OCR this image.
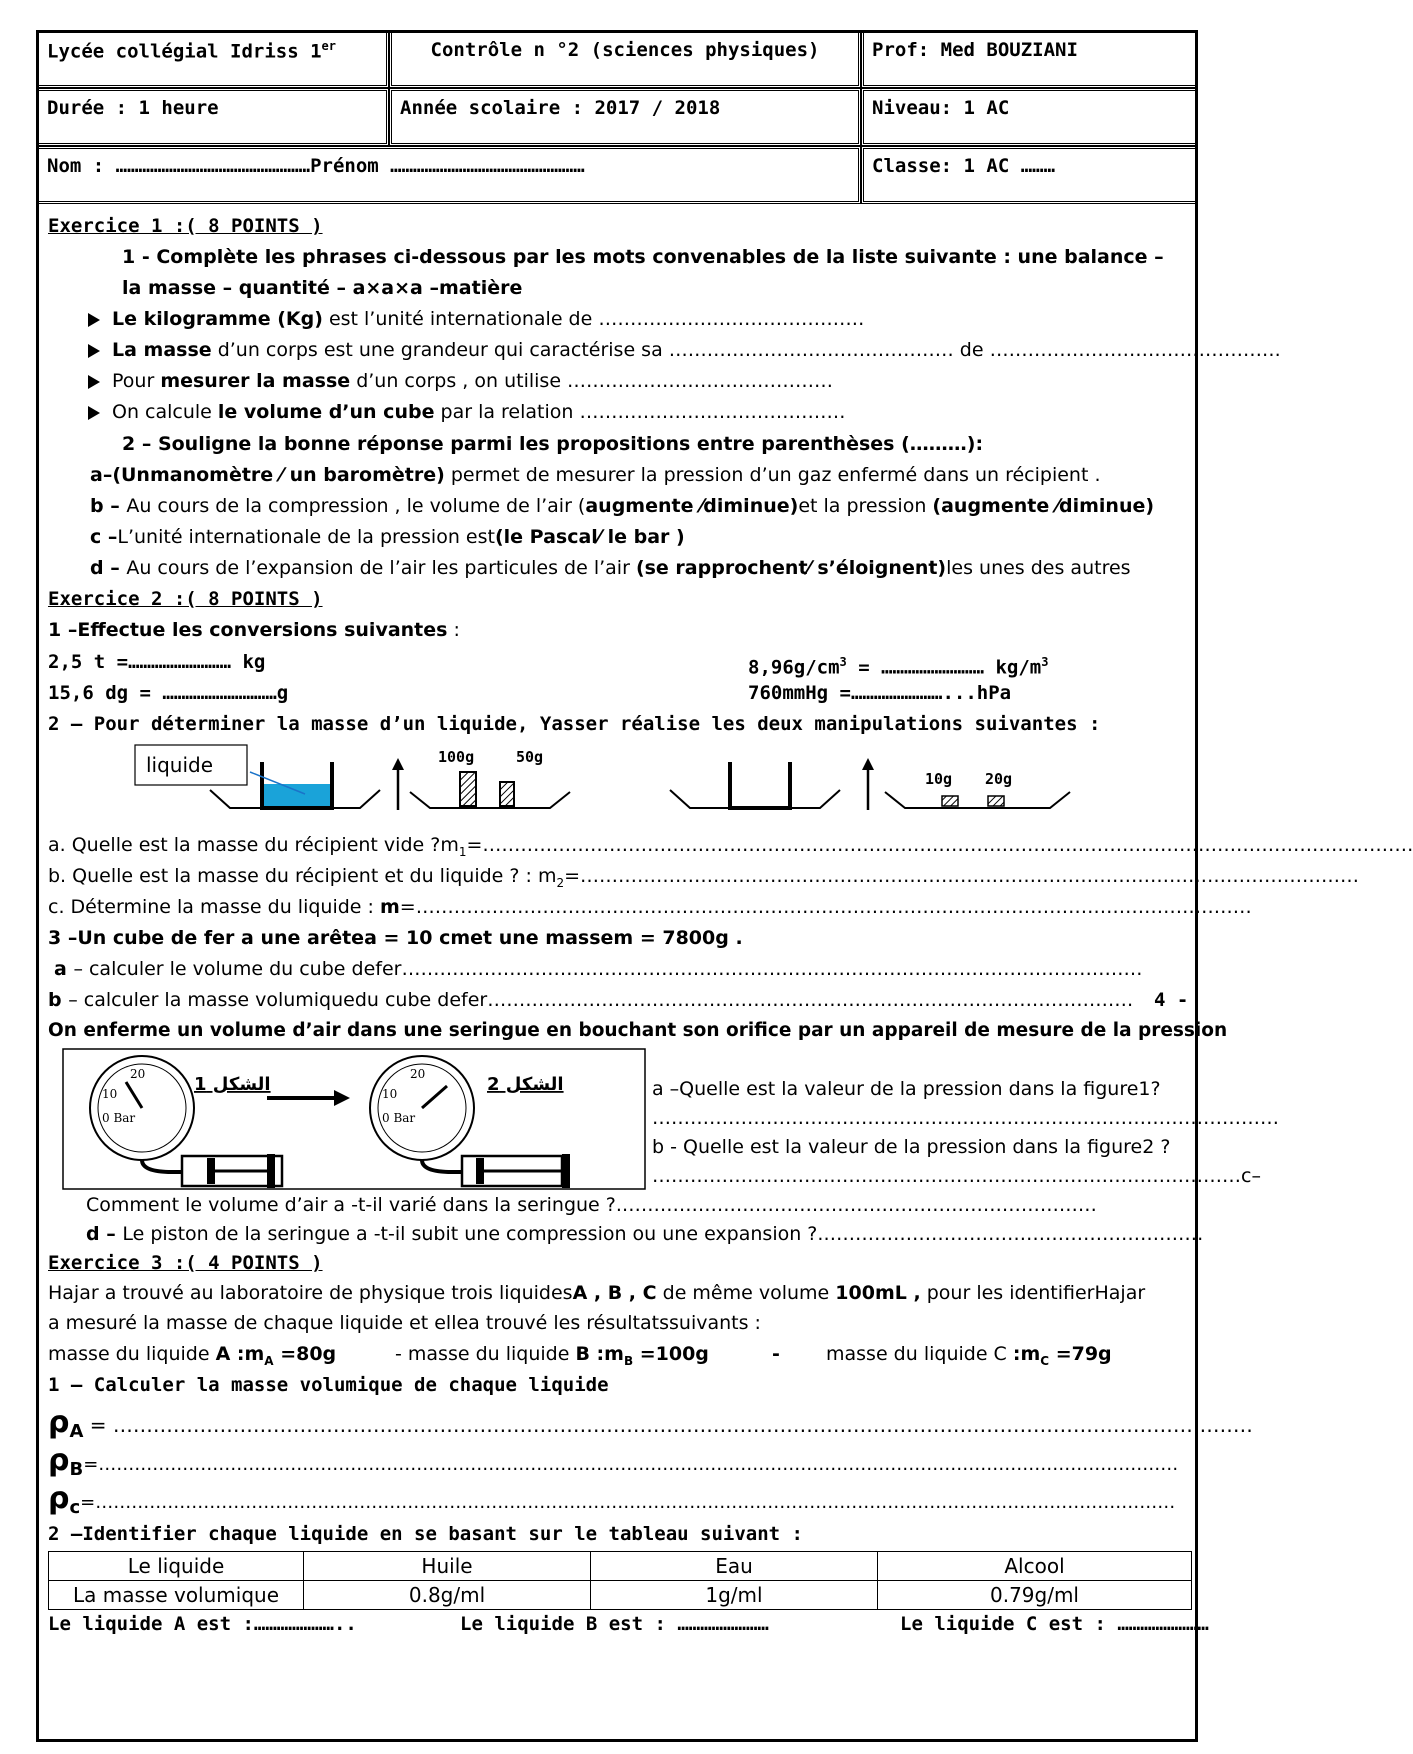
Lycée collégial Idriss 1er	Contrôle n °2 (sciences physiques)	Prof: Med BOUZIANI
Durée : 1 heure	Année scolaire : 2017 / 2018	Niveau: 1 AC
Nom : ……………………………………………Prénom ……………………………………………	Classe: 1 AC ………
Exercice 1 :( 8 POINTS )
1 - Complète les phrases ci-dessous par les mots convenables de la liste suivante : une balance –
la masse – quantité – a×a×a –matière
Le kilogramme (Kg) est l’unité internationale de ……………………………………
La masse d’un corps est une grandeur qui caractérise sa ……………………………………… de ……………………………………….
Pour mesurer la masse d’un corps , on utilise ……………………………………
On calcule le volume d’un cube par la relation ……………………………………
2 – Souligne la bonne réponse parmi les propositions entre parenthèses (………):
a–(Unmanomètre ⁄ un baromètre) permet de mesurer la pression d’un gaz enfermé dans un récipient .
b – Au cours de la compression , le volume de l’air (augmente ⁄diminue)et la pression (augmente ⁄diminue)
c –L’unité internationale de la pression est(le Pascal⁄ le bar )
d – Au cours de l’expansion de l’air les particules de l’air (se rapprochent⁄ s’éloignent)les unes des autres
Exercice 2 :( 8 POINTS )
1 –Effectue les conversions suivantes :
2,5 t =……………………… kg	$8,96g/cm^3$ = ……………………… $kg/m^3$
15,6 dg = …………………………g	760mmHg =……………………...hPa
2 – Pour déterminer la masse d’un liquide, Yasser réalise les deux manipulations suivantes :
liquide	100g	50g
10g 20g
a. Quelle est la masse du récipient vide $?m_1=\dots\dots\dots\dots\dots\dots\dots\dots\dots\dots\dots\dots\dots\dots\dots\dots\dots\dots\dots\dots\dots\dots\dots\dots\dots\dots\dots\dots\dots\dots\dots\dots\dots\dots\dots\dots\dots\dots\dots\dots\dots\dots\dots\dots\dots\dots\dots\dots\dots$
b. Quelle est la masse du récipient et du liquide ? : $m_2=\dots\dots\dots\dots\dots\dots\dots\dots\dots\dots\dots\dots\dots\dots\dots\dots\dots\dots\dots\dots\dots\dots\dots\dots\dots\dots\dots\dots\dots\dots\dots\dots\dots\dots\dots\dots\dots\dots\dots\dots\dots$
c. Détermine la masse du liquide : m=……………………………………………………………………………………………………………………
3 –Un cube de fer a une arêtea = 10 cmet une massem = 7800g .
a – calculer le volume du cube defer………………………………………………………………………………………………………
b – calculer la masse volumiquedu cube defer………………………………………………………………………………………… 4 -
On enferme un volume d’air dans une seringue en bouchant son orifice par un appareil de mesure de la pression
20
10
0 Bar
الشكل 1	20
10
0 Bar
الشكل 2	a –Quelle est la valeur de la pression dans la figure1?
………………………………………………………………………………………
b - Quelle est la valeur de la pression dans la figure2 ?
…………………………………………………………………………………c–
Comment le volume d’air a -t-il varié dans la seringue ?.…………………………………………………………………
d – Le piston de la seringue a -t-il subit une compression ou une expansion ?.……………………………………………………
Exercice 3 :( 4 POINTS )
Hajar a trouvé au laboratoire de physique trois liquidesA , B , C de même volume 100mL , pour les identifierHajar
a mesuré la masse de chaque liquide et ellea trouvé les résultatssuivants :
masse du liquide A $:m_A =80g$	- masse du liquide B $:m_B =100g$	- masse du liquide C $:m_C =79g$
1 – Calculer la masse volumique de chaque liquide
ρA = ………………………………………………………………………………………………………………………………………………………
ρB=………………………………………………………………………………………………………………………………………………………………
ρc=………………………………………………………………………………………………………………………………………………………………
2 –Identifier chaque liquide en se basant sur le tableau suivant :
Le liquide	Huile	Eau	Alcool
La masse volumique	0.8g/ml	1g/ml	0.79g/ml
Le liquide A est :…………………..	Le liquide B est : ……………………	Le liquide C est : ……………………
